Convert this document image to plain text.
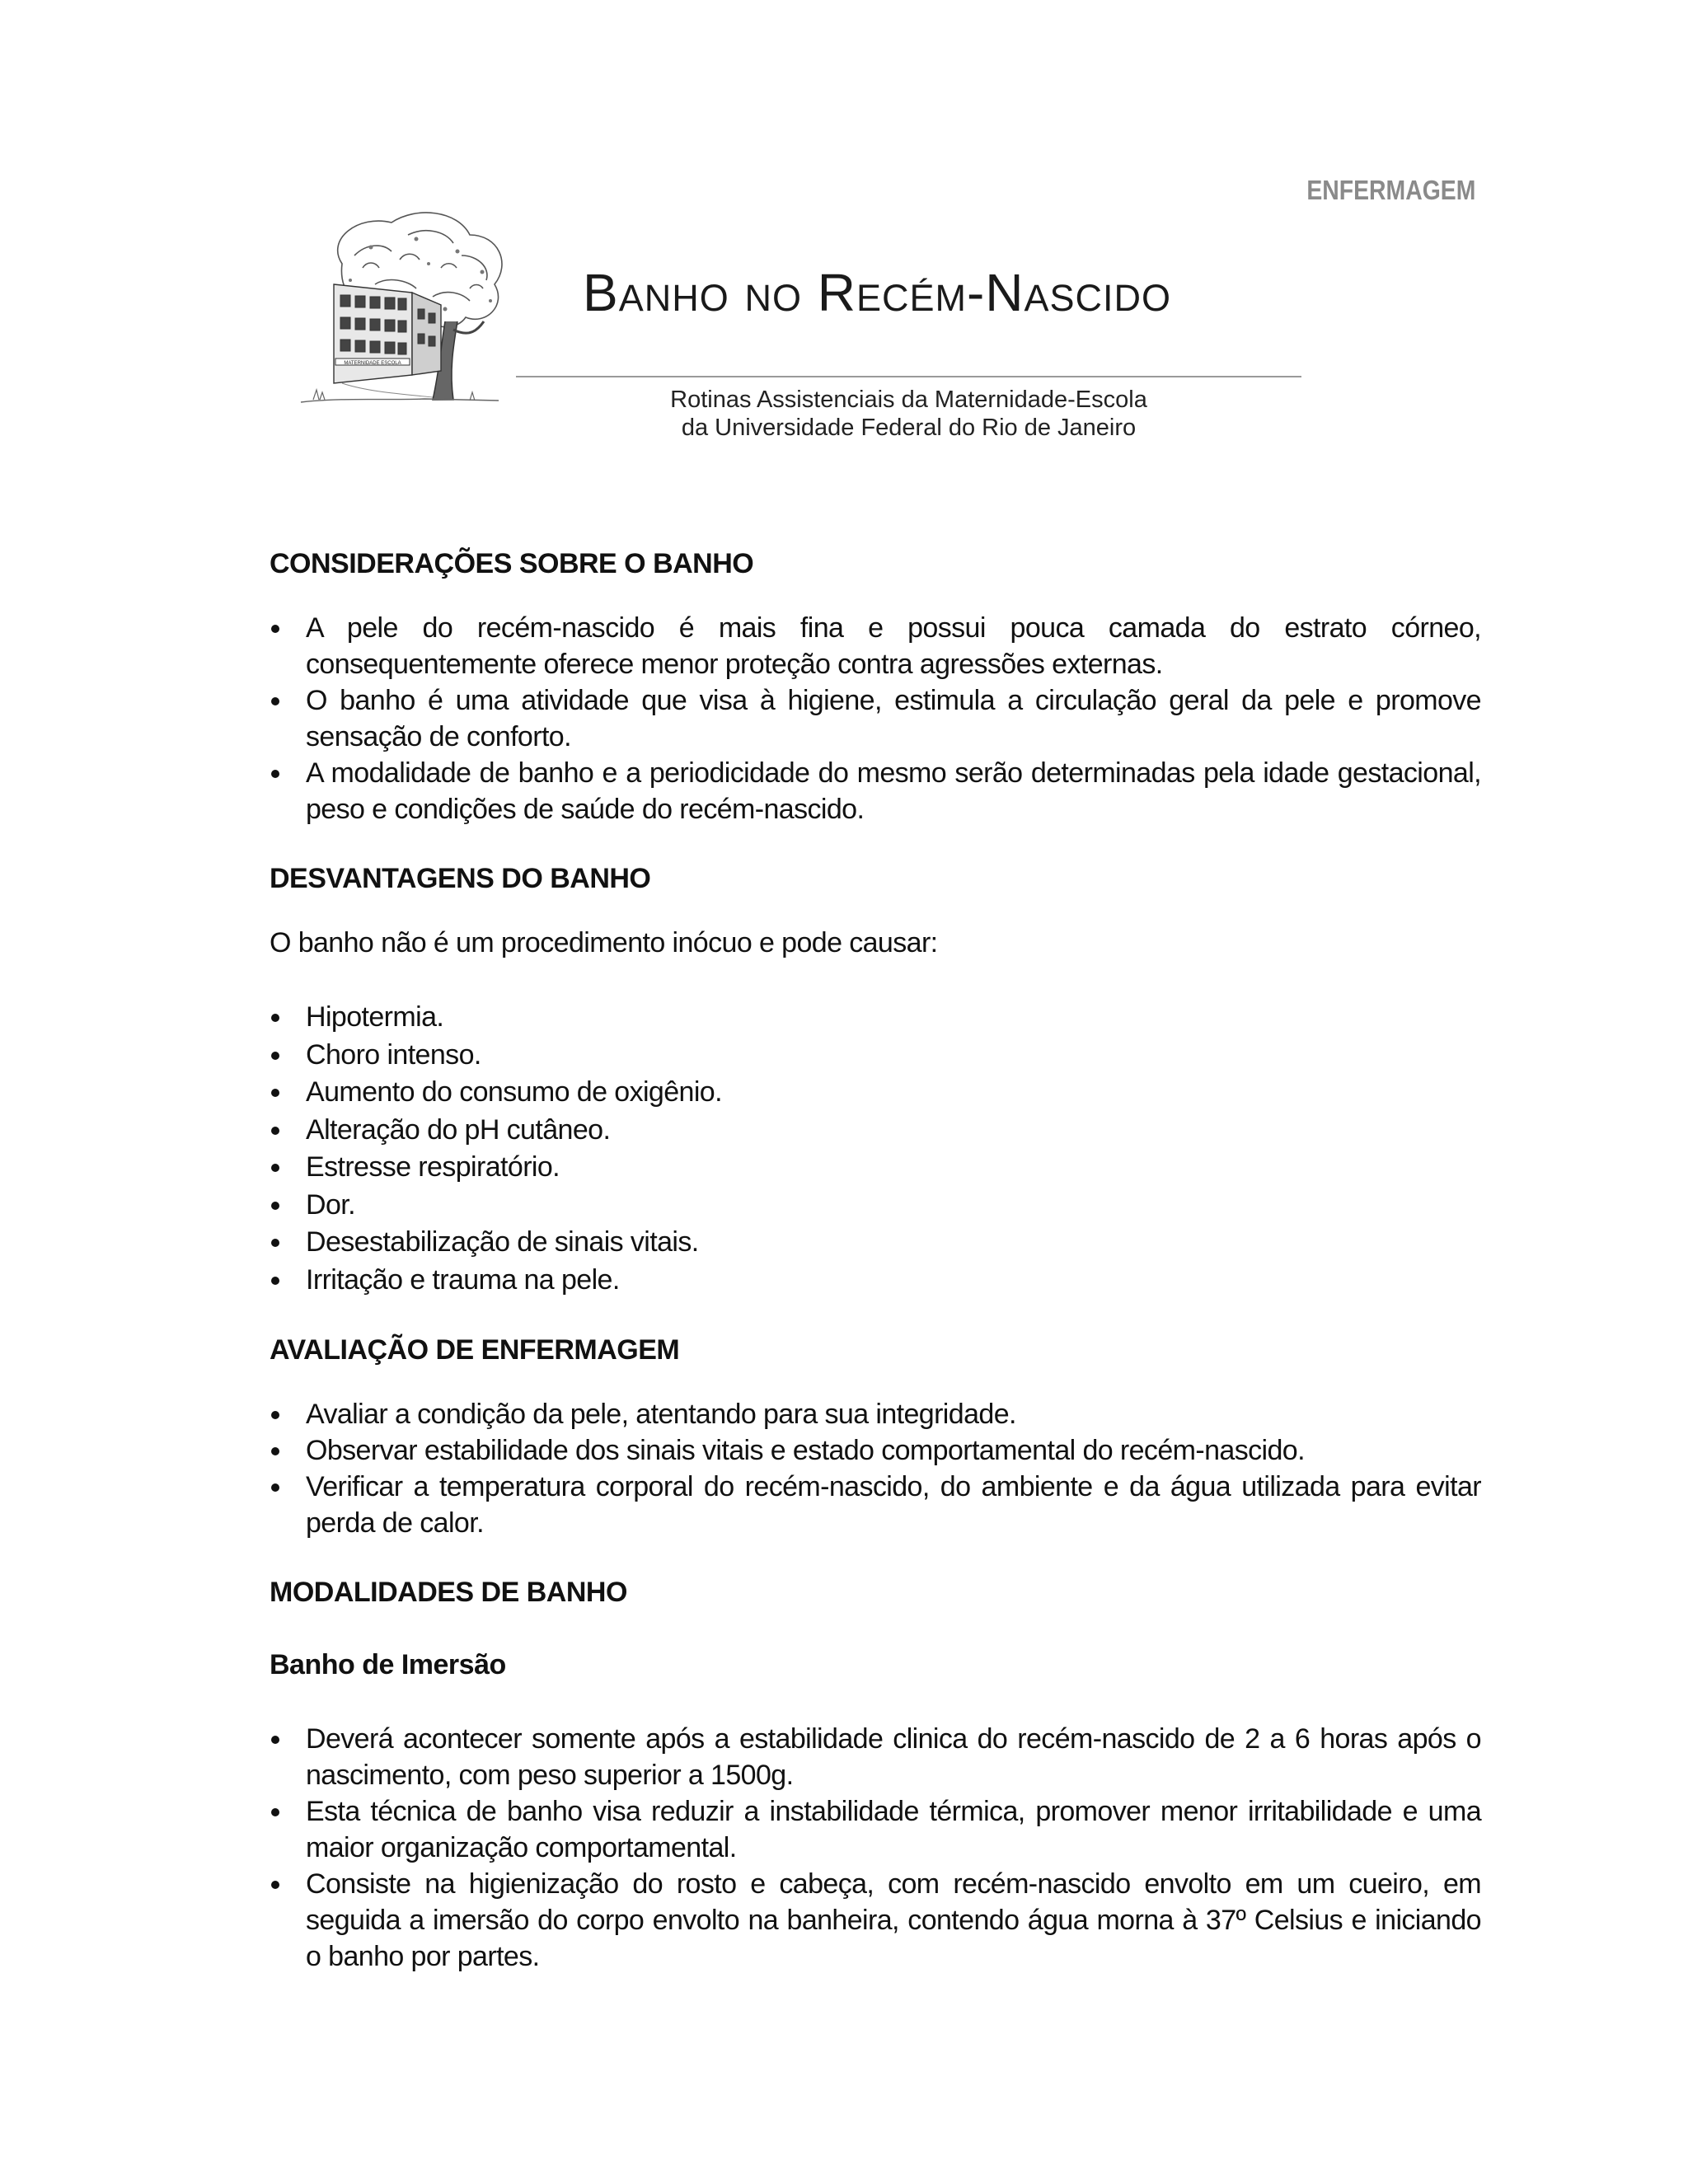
ENFERMAGEM
MATERNIDADE ESCOLA
Banho no Recém-Nascido
Rotinas Assistenciais da Maternidade-Escola
da Universidade Federal do Rio de Janeiro
CONSIDERAÇÕES SOBRE O BANHO
A pele do recém-nascido é mais fina e possui pouca camada do estrato córneo, consequentemente oferece menor proteção contra agressões externas.
O banho é uma atividade que visa à higiene, estimula a circulação geral da pele e promove sensação de conforto.
A modalidade de banho e a periodicidade do mesmo serão determinadas pela idade gestacional, peso e condições de saúde do recém-nascido.
DESVANTAGENS DO BANHO

O banho não é um procedimento inócuo e pode causar:

Hipotermia.
Choro intenso.
Aumento do consumo de oxigênio.
Alteração do pH cutâneo.
Estresse respiratório.
Dor.
Desestabilização de sinais vitais.
Irritação e trauma na pele.
AVALIAÇÃO DE ENFERMAGEM
Avaliar a condição da pele, atentando para sua integridade.
Observar estabilidade dos sinais vitais e estado comportamental do recém-nascido.
Verificar a temperatura corporal do recém-nascido, do ambiente e da água utilizada para evitar perda de calor.
MODALIDADES DE BANHO
Banho de Imersão
Deverá acontecer somente após a estabilidade clinica do recém-nascido de 2 a 6 horas após o nascimento, com peso superior a 1500g.
Esta técnica de banho visa reduzir a instabilidade térmica, promover menor irritabilidade e uma maior organização comportamental.
Consiste na higienização do rosto e cabeça, com recém-nascido envolto em um cueiro, em seguida a imersão do corpo envolto na banheira, contendo água morna à 37º Celsius e iniciando o banho por partes.
